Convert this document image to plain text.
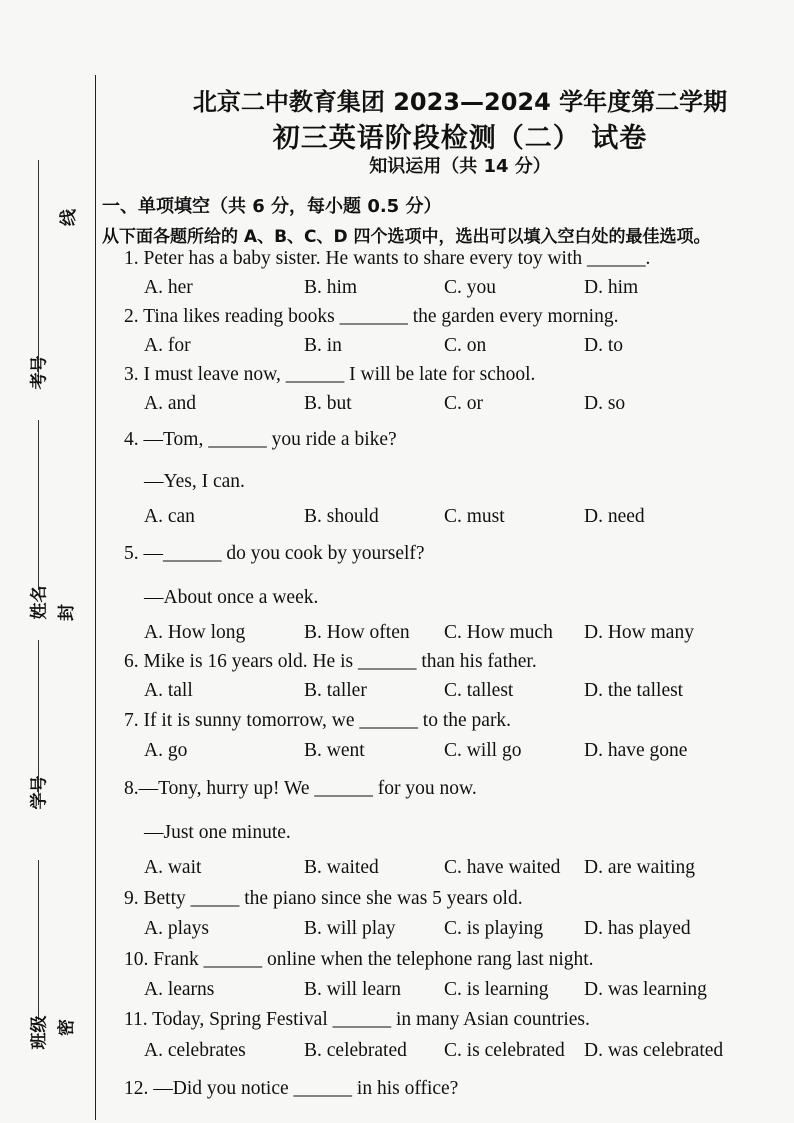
考号
姓名
学号
班级
线
封
密
北京二中教育集团 2023—2024 学年度第二学期
初三英语阶段检测（二） 试卷
知识运用（共 14 分）
一、单项填空（共 6 分，每小题 0.5 分）
从下面各题所给的 A、B、C、D 四个选项中，选出可以填入空白处的最佳选项。
1. Peter has a baby sister. He wants to share every toy with ______.
A. her	B. him	C. you	D. him
2. Tina likes reading books _______ the garden every morning.
A. for	B. in	C. on	D. to
3. I must leave now, ______ I will be late for school.
A. and	B. but	C. or	D. so
4. —Tom, ______ you ride a bike?
—Yes, I can.
A. can	B. should	C. must	D. need
5. —______ do you cook by yourself?
—About once a week.
A. How long	B. How often C. How much D. How many
6. Mike is 16 years old. He is ______ than his father.
A. tall	B. taller	C. tallest	D. the tallest
7. If it is sunny tomorrow, we ______ to the park.
A. go	B. went	C. will go	D. have gone
8.—Tony, hurry up! We ______ for you now.
—Just one minute.
A. wait	B. waited	C. have waited D. are waiting
9. Betty _____ the piano since she was 5 years old.
A. plays	B. will play C. is playing D. has played
10. Frank ______ online when the telephone rang last night.
A. learns	B. will learn C. is learning D. was learning
11. Today, Spring Festival ______ in many Asian countries.
A. celebrates	B. celebrated C. is celebrated D. was celebrated
12. —Did you notice ______ in his office?
